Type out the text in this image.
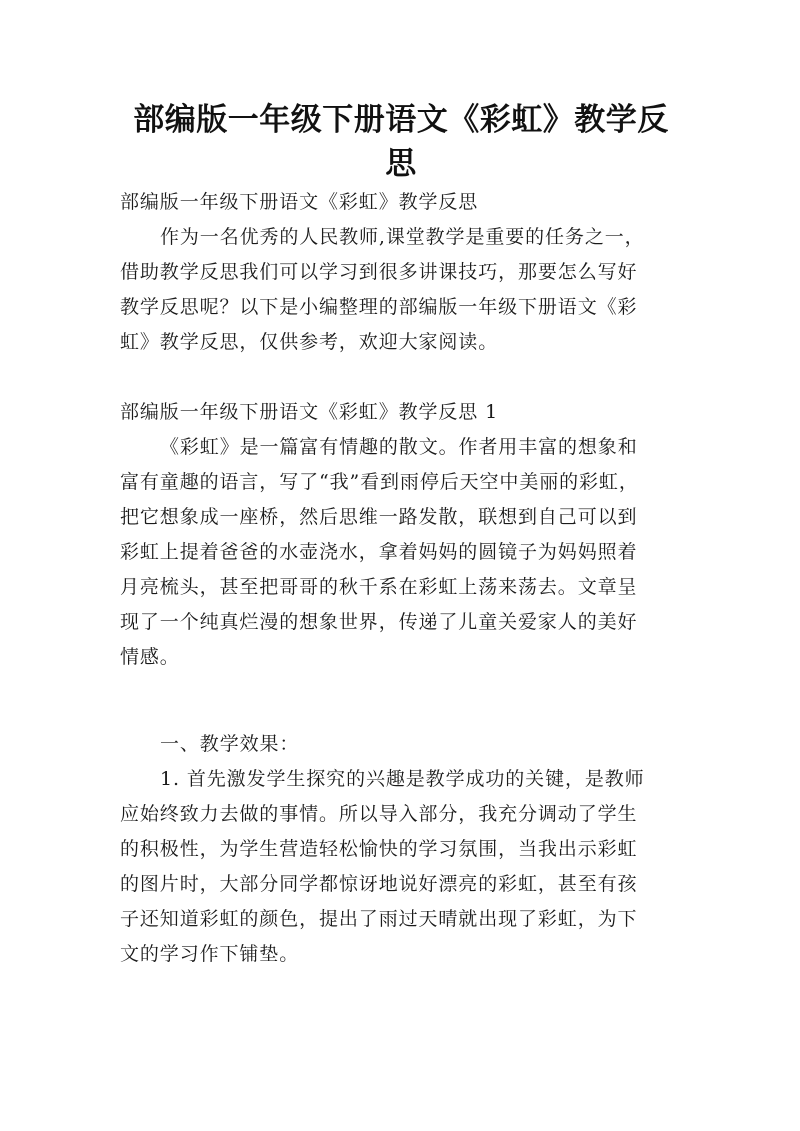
部编版一年级下册语文《彩虹》教学反思

部编版一年级下册语文《彩虹》教学反思

作为一名优秀的人民教师,课堂教学是重要的任务之一，

借助教学反思我们可以学习到很多讲课技巧，那要怎么写好

教学反思呢？以下是小编整理的部编版一年级下册语文《彩

虹》教学反思，仅供参考，欢迎大家阅读。

部编版一年级下册语文《彩虹》教学反思 1

《彩虹》是一篇富有情趣的散文。作者用丰富的想象和

富有童趣的语言，写了“我”看到雨停后天空中美丽的彩虹，

把它想象成一座桥，然后思维一路发散，联想到自己可以到

彩虹上提着爸爸的水壶浇水，拿着妈妈的圆镜子为妈妈照着

月亮梳头，甚至把哥哥的秋千系在彩虹上荡来荡去。文章呈

现了一个纯真烂漫的想象世界，传递了儿童关爱家人的美好

情感。

一、教学效果：

1. 首先激发学生探究的兴趣是教学成功的关键，是教师

应始终致力去做的事情。所以导入部分，我充分调动了学生

的积极性，为学生营造轻松愉快的学习氛围，当我出示彩虹

的图片时，大部分同学都惊讶地说好漂亮的彩虹，甚至有孩

子还知道彩虹的颜色，提出了雨过天晴就出现了彩虹，为下

文的学习作下铺垫。
